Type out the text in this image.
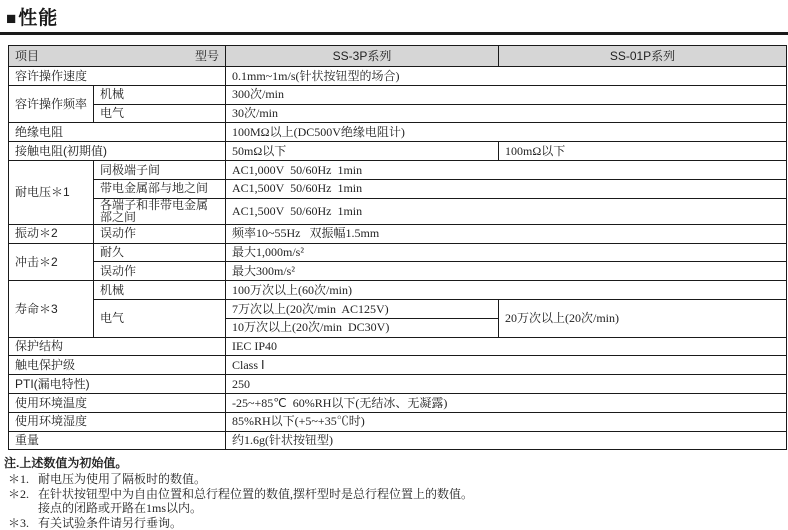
■性能
项目 型号		SS-3P系列	SS-01P系列
容许操作速度		0.1mm~1m/s(针状按钮型的场合)	
容许操作频率	机械	300次/min	
	电气	30次/min	
绝缘电阻		100MΩ以上(DC500V绝缘电阻计)	
接触电阻(初期值)		50mΩ以下	100mΩ以下
耐电压＊1	同极端子间	AC1,000V  50/60Hz  1min	
	带电金属部与地之间	AC1,500V  50/60Hz  1min	
	各端子和非带电金属部之间	AC1,500V  50/60Hz  1min	
振动＊2	误动作	频率10~55Hz   双振幅1.5mm	
冲击＊2	耐久	最大1,000m/s²	
	误动作	最大300m/s²	
寿命＊3	机械	100万次以上(60次/min)	
	电气	7万次以上(20次/min  AC125V)	20万次以上(20次/min)
		10万次以上(20次/min  DC30V)	
保护结构		IEC IP40	
触电保护级		Class Ⅰ	
PTI(漏电特性)		250	
使用环境温度		-25~+85℃  60%RH以下(无结冰、无凝露)	
使用环境湿度		85%RH以下(+5~+35℃时)	
重量		约1.6g(针状按钮型)	
注.上述数值为初始值。
＊1. 耐电压为使用了隔板时的数值。
＊2. 在针状按钮型中为自由位置和总行程位置的数值,摆杆型时是总行程位置上的数值。
接点的闭路或开路在1ms以内。
＊3. 有关试验条件请另行垂询。
